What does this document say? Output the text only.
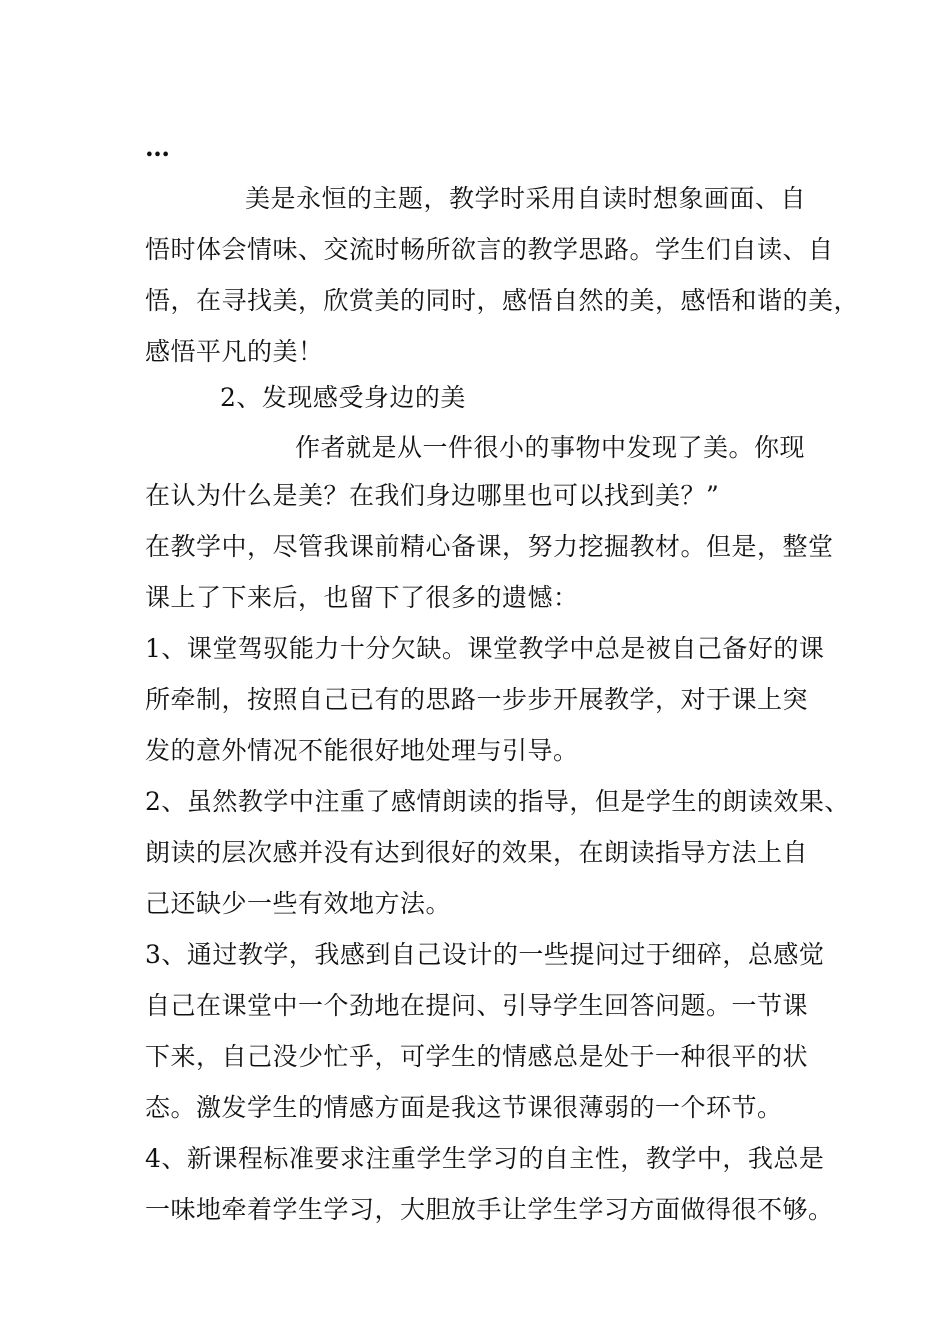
…
美是永恒的主题，教学时采用自读时想象画面、自
悟时体会情味、交流时畅所欲言的教学思路。学生们自读、自
悟，在寻找美，欣赏美的同时，感悟自然的美，感悟和谐的美，
感悟平凡的美！
2、发现感受身边的美
作者就是从一件很小的事物中发现了美。你现
在认为什么是美？在我们身边哪里也可以找到美？”
在教学中，尽管我课前精心备课，努力挖掘教材。但是，整堂
课上了下来后，也留下了很多的遗憾：
1、课堂驾驭能力十分欠缺。课堂教学中总是被自己备好的课
所牵制，按照自己已有的思路一步步开展教学，对于课上突
发的意外情况不能很好地处理与引导。
2、虽然教学中注重了感情朗读的指导，但是学生的朗读效果、
朗读的层次感并没有达到很好的效果，在朗读指导方法上自
己还缺少一些有效地方法。
3、通过教学，我感到自己设计的一些提问过于细碎，总感觉
自己在课堂中一个劲地在提问、引导学生回答问题。一节课
下来，自己没少忙乎，可学生的情感总是处于一种很平的状
态。激发学生的情感方面是我这节课很薄弱的一个环节。
4、新课程标准要求注重学生学习的自主性，教学中，我总是
一味地牵着学生学习，大胆放手让学生学习方面做得很不够。
